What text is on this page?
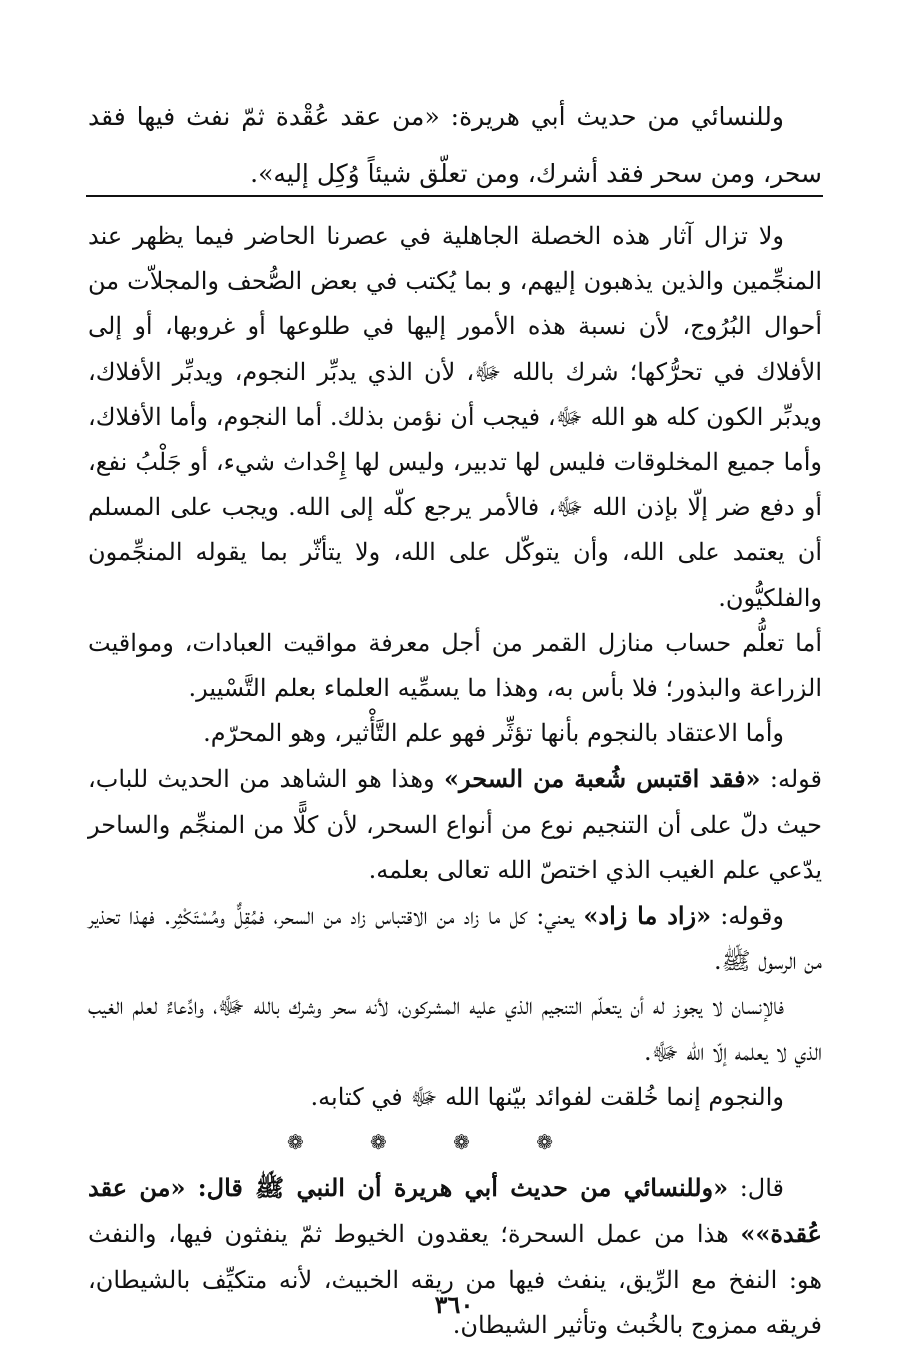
وللنسائي من حديث أبي هريرة: «من عقد عُقْدة ثمّ نفث فيها فقد سحر، ومن سحر فقد أشرك، ومن تعلّق شيئاً وُكِل إليه».

ولا تزال آثار هذه الخصلة الجاهلية في عصرنا الحاضر فيما يظهر عند المنجِّمين والذين يذهبون إليهم، و بما يُكتب في بعض الصُّحف والمجلاّت من أحوال البُرُوج، لأن نسبة هذه الأمور إليها في طلوعها أو غروبها، أو إلى الأفلاك في تحرُّكها؛ شرك بالله ﷻ، لأن الذي يدبِّر النجوم، ويدبِّر الأفلاك، ويدبِّر الكون كله هو الله ﷻ، فيجب أن نؤمن بذلك. أما النجوم، وأما الأفلاك، وأما جميع المخلوقات فليس لها تدبير، وليس لها إِحْداث شيء، أو جَلْبُ نفع، أو دفع ضر إلّا بإذن الله ﷻ، فالأمر يرجع كلّه إلى الله. ويجب على المسلم أن يعتمد على الله، وأن يتوكّل على الله، ولا يتأثّر بما يقوله المنجِّمون والفلكيُّون.

أما تعلُّم حساب منازل القمر من أجل معرفة مواقيت العبادات، ومواقيت الزراعة والبذور؛ فلا بأس به، وهذا ما يسمِّيه العلماء بعلم التَّسْيير.

وأما الاعتقاد بالنجوم بأنها تؤثِّر فهو علم التَّأْثير، وهو المحرّم.

قوله: «فقد اقتبس شُعبة من السحر» وهذا هو الشاهد من الحديث للباب، حيث دلّ على أن التنجيم نوع من أنواع السحر، لأن كلًّا من المنجِّم والساحر يدّعي علم الغيب الذي اختصّ الله تعالى بعلمه.

وقوله: «زاد ما زاد» يعني: كل ما زاد من الاقتباس زاد من السحر، فمُقِلٌّ ومُسْتَكْثِر. فهذا تحذير من الرسول ﷺ.

فالإنسان لا يجوز له أن يتعلّم التنجيم الذي عليه المشركون، لأنه سحر وشرك بالله ﷻ، وادِّعاءٌ لعلم الغيب الذي لا يعلمه إلّا الله ﷻ.

والنجوم إنما خُلقت لفوائد بيّنها الله ﷻ في كتابه.

❁ ❁ ❁ ❁

قال: «وللنسائي من حديث أبي هريرة أن النبي ﷺ قال: «من عقد عُقدة»» هذا من عمل السحرة؛ يعقدون الخيوط ثمّ ينفثون فيها، والنفث هو: النفخ مع الرِّيق، ينفث فيها من ريقه الخبيث، لأنه متكيِّف بالشيطان، فريقه ممزوج بالخُبث وتأثير الشيطان.

٣٦٠
